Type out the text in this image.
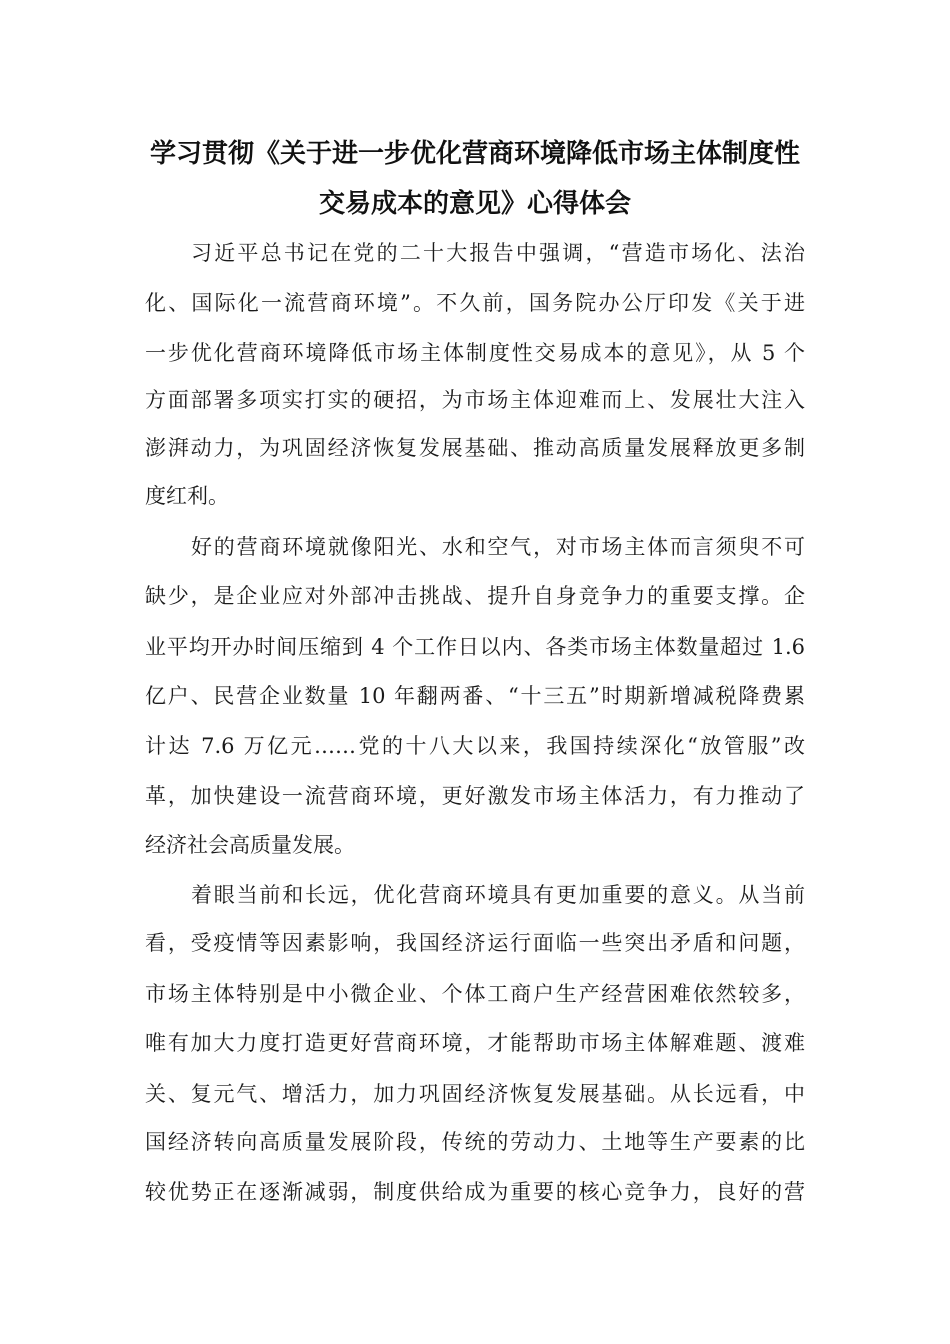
学习贯彻《关于进一步优化营商环境降低市场主体制度性
交易成本的意见》心得体会

习近平总书记在党的二十大报告中强调，“营造市场化、法治

化、国际化一流营商环境”。不久前，国务院办公厅印发《关于进

一步优化营商环境降低市场主体制度性交易成本的意见》，从 5 个

方面部署多项实打实的硬招，为市场主体迎难而上、发展壮大注入

澎湃动力，为巩固经济恢复发展基础、推动高质量发展释放更多制

度红利。

好的营商环境就像阳光、水和空气，对市场主体而言须臾不可

缺少，是企业应对外部冲击挑战、提升自身竞争力的重要支撑。企

业平均开办时间压缩到 4 个工作日以内、各类市场主体数量超过 1.6

亿户、民营企业数量 10 年翻两番、“十三五”时期新增减税降费累

计达 7.6 万亿元……党的十八大以来，我国持续深化“放管服”改

革，加快建设一流营商环境，更好激发市场主体活力，有力推动了

经济社会高质量发展。

着眼当前和长远，优化营商环境具有更加重要的意义。从当前

看，受疫情等因素影响，我国经济运行面临一些突出矛盾和问题，

市场主体特别是中小微企业、个体工商户生产经营困难依然较多，

唯有加大力度打造更好营商环境，才能帮助市场主体解难题、渡难

关、复元气、增活力，加力巩固经济恢复发展基础。从长远看，中

国经济转向高质量发展阶段，传统的劳动力、土地等生产要素的比

较优势正在逐渐减弱，制度供给成为重要的核心竞争力，良好的营
